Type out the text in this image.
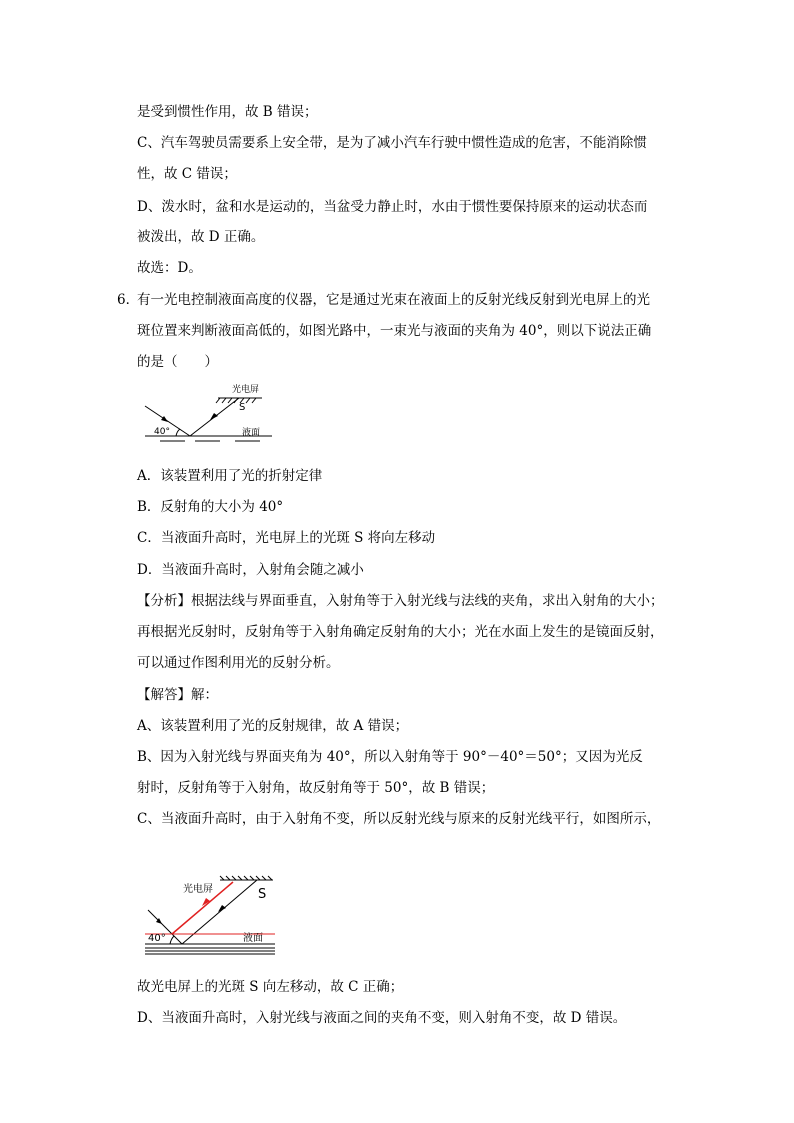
是受到惯性作用，故 B 错误；
C、汽车驾驶员需要系上安全带，是为了减小汽车行驶中惯性造成的危害，不能消除惯
性，故 C 错误；
D、泼水时，盆和水是运动的，当盆受力静止时，水由于惯性要保持原来的运动状态而
被泼出，故 D 正确。
故选：D。
6．
有一光电控制液面高度的仪器，它是通过光束在液面上的反射光线反射到光电屏上的光
斑位置来判断液面高低的，如图光路中，一束光与液面的夹角为 40°，则以下说法正确
的是（　　）
光电屏
S
40°	液面
A．该装置利用了光的折射定律
B．反射角的大小为 40°
C．当液面升高时，光电屏上的光斑 S 将向左移动
D．当液面升高时，入射角会随之减小
【分析】根据法线与界面垂直，入射角等于入射光线与法线的夹角，求出入射角的大小；
再根据光反射时，反射角等于入射角确定反射角的大小；光在水面上发生的是镜面反射，
可以通过作图利用光的反射分析。
【解答】解：
A、该装置利用了光的反射规律，故 A 错误；
B、因为入射光线与界面夹角为 40°，所以入射角等于 90°－40°＝50°；又因为光反
射时，反射角等于入射角，故反射角等于 50°，故 B 错误；
C、当液面升高时，由于入射角不变，所以反射光线与原来的反射光线平行，如图所示，
光电屏	S
40°	液面
故光电屏上的光斑 S 向左移动，故 C 正确；
D、当液面升高时，入射光线与液面之间的夹角不变，则入射角不变，故 D 错误。
